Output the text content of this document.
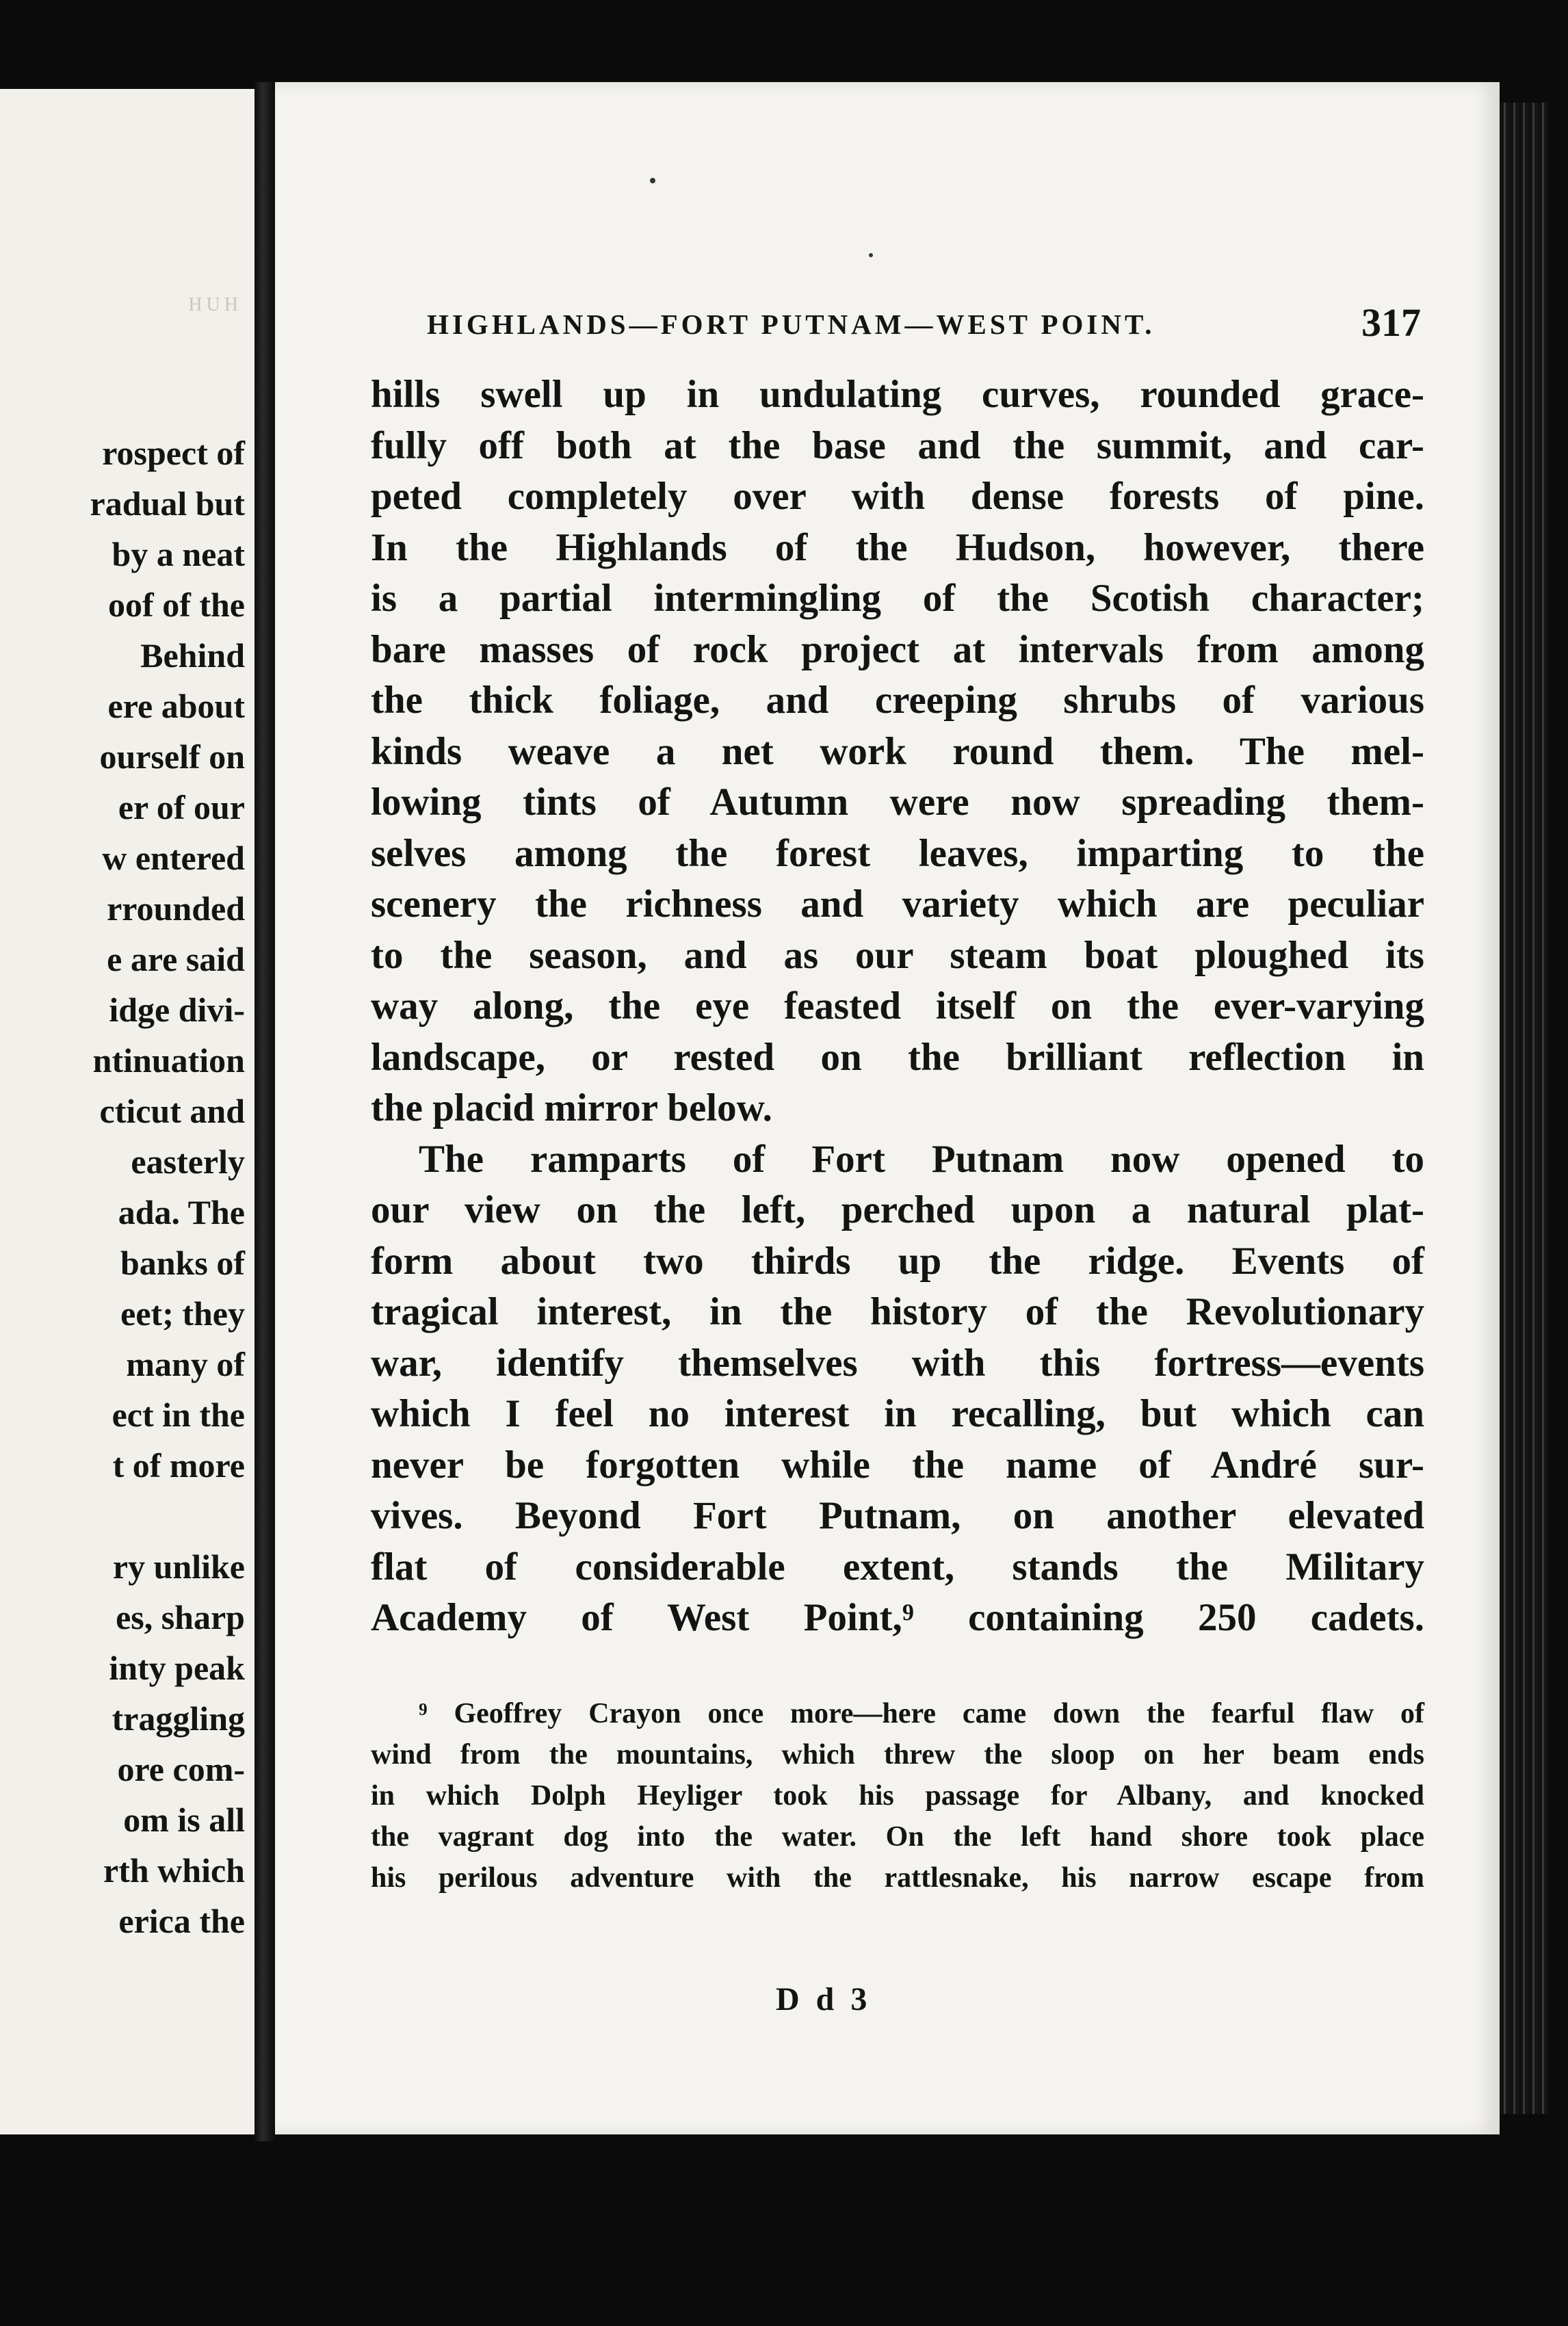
HUH
rospect of
radual but
by a neat
oof of the
Behind
ere about
ourself on
er of our
w entered
rrounded
e are said
idge divi-
ntinuation
cticut and
easterly
ada. The
banks of
eet; they
many of
ect in the
t of more

ry unlike
es, sharp
inty peak
traggling
ore com-
om is all
rth which
erica the
HIGHLANDS—FORT PUTNAM—WEST POINT.	317
hills swell up in undulating curves, rounded grace-
fully off both at the base and the summit, and car-
peted completely over with dense forests of pine.
In the Highlands of the Hudson, however, there
is a partial intermingling of the Scotish character;
bare masses of rock project at intervals from among
the thick foliage, and creeping shrubs of various
kinds weave a net work round them. The mel-
lowing tints of Autumn were now spreading them-
selves among the forest leaves, imparting to the
scenery the richness and variety which are peculiar
to the season, and as our steam boat ploughed its
way along, the eye feasted itself on the ever-varying
landscape, or rested on the brilliant reflection in
the placid mirror below.
The ramparts of Fort Putnam now opened to
our view on the left, perched upon a natural plat-
form about two thirds up the ridge. Events of
tragical interest, in the history of the Revolutionary
war, identify themselves with this fortress—events
which I feel no interest in recalling, but which can
never be forgotten while the name of André sur-
vives. Beyond Fort Putnam, on another elevated
flat of considerable extent, stands the Military
Academy of West Point,⁹ containing 250 cadets.
⁹ Geoffrey Crayon once more—here came down the fearful flaw of
wind from the mountains, which threw the sloop on her beam ends
in which Dolph Heyliger took his passage for Albany, and knocked
the vagrant dog into the water. On the left hand shore took place
his perilous adventure with the rattlesnake, his narrow escape from
D d 3
